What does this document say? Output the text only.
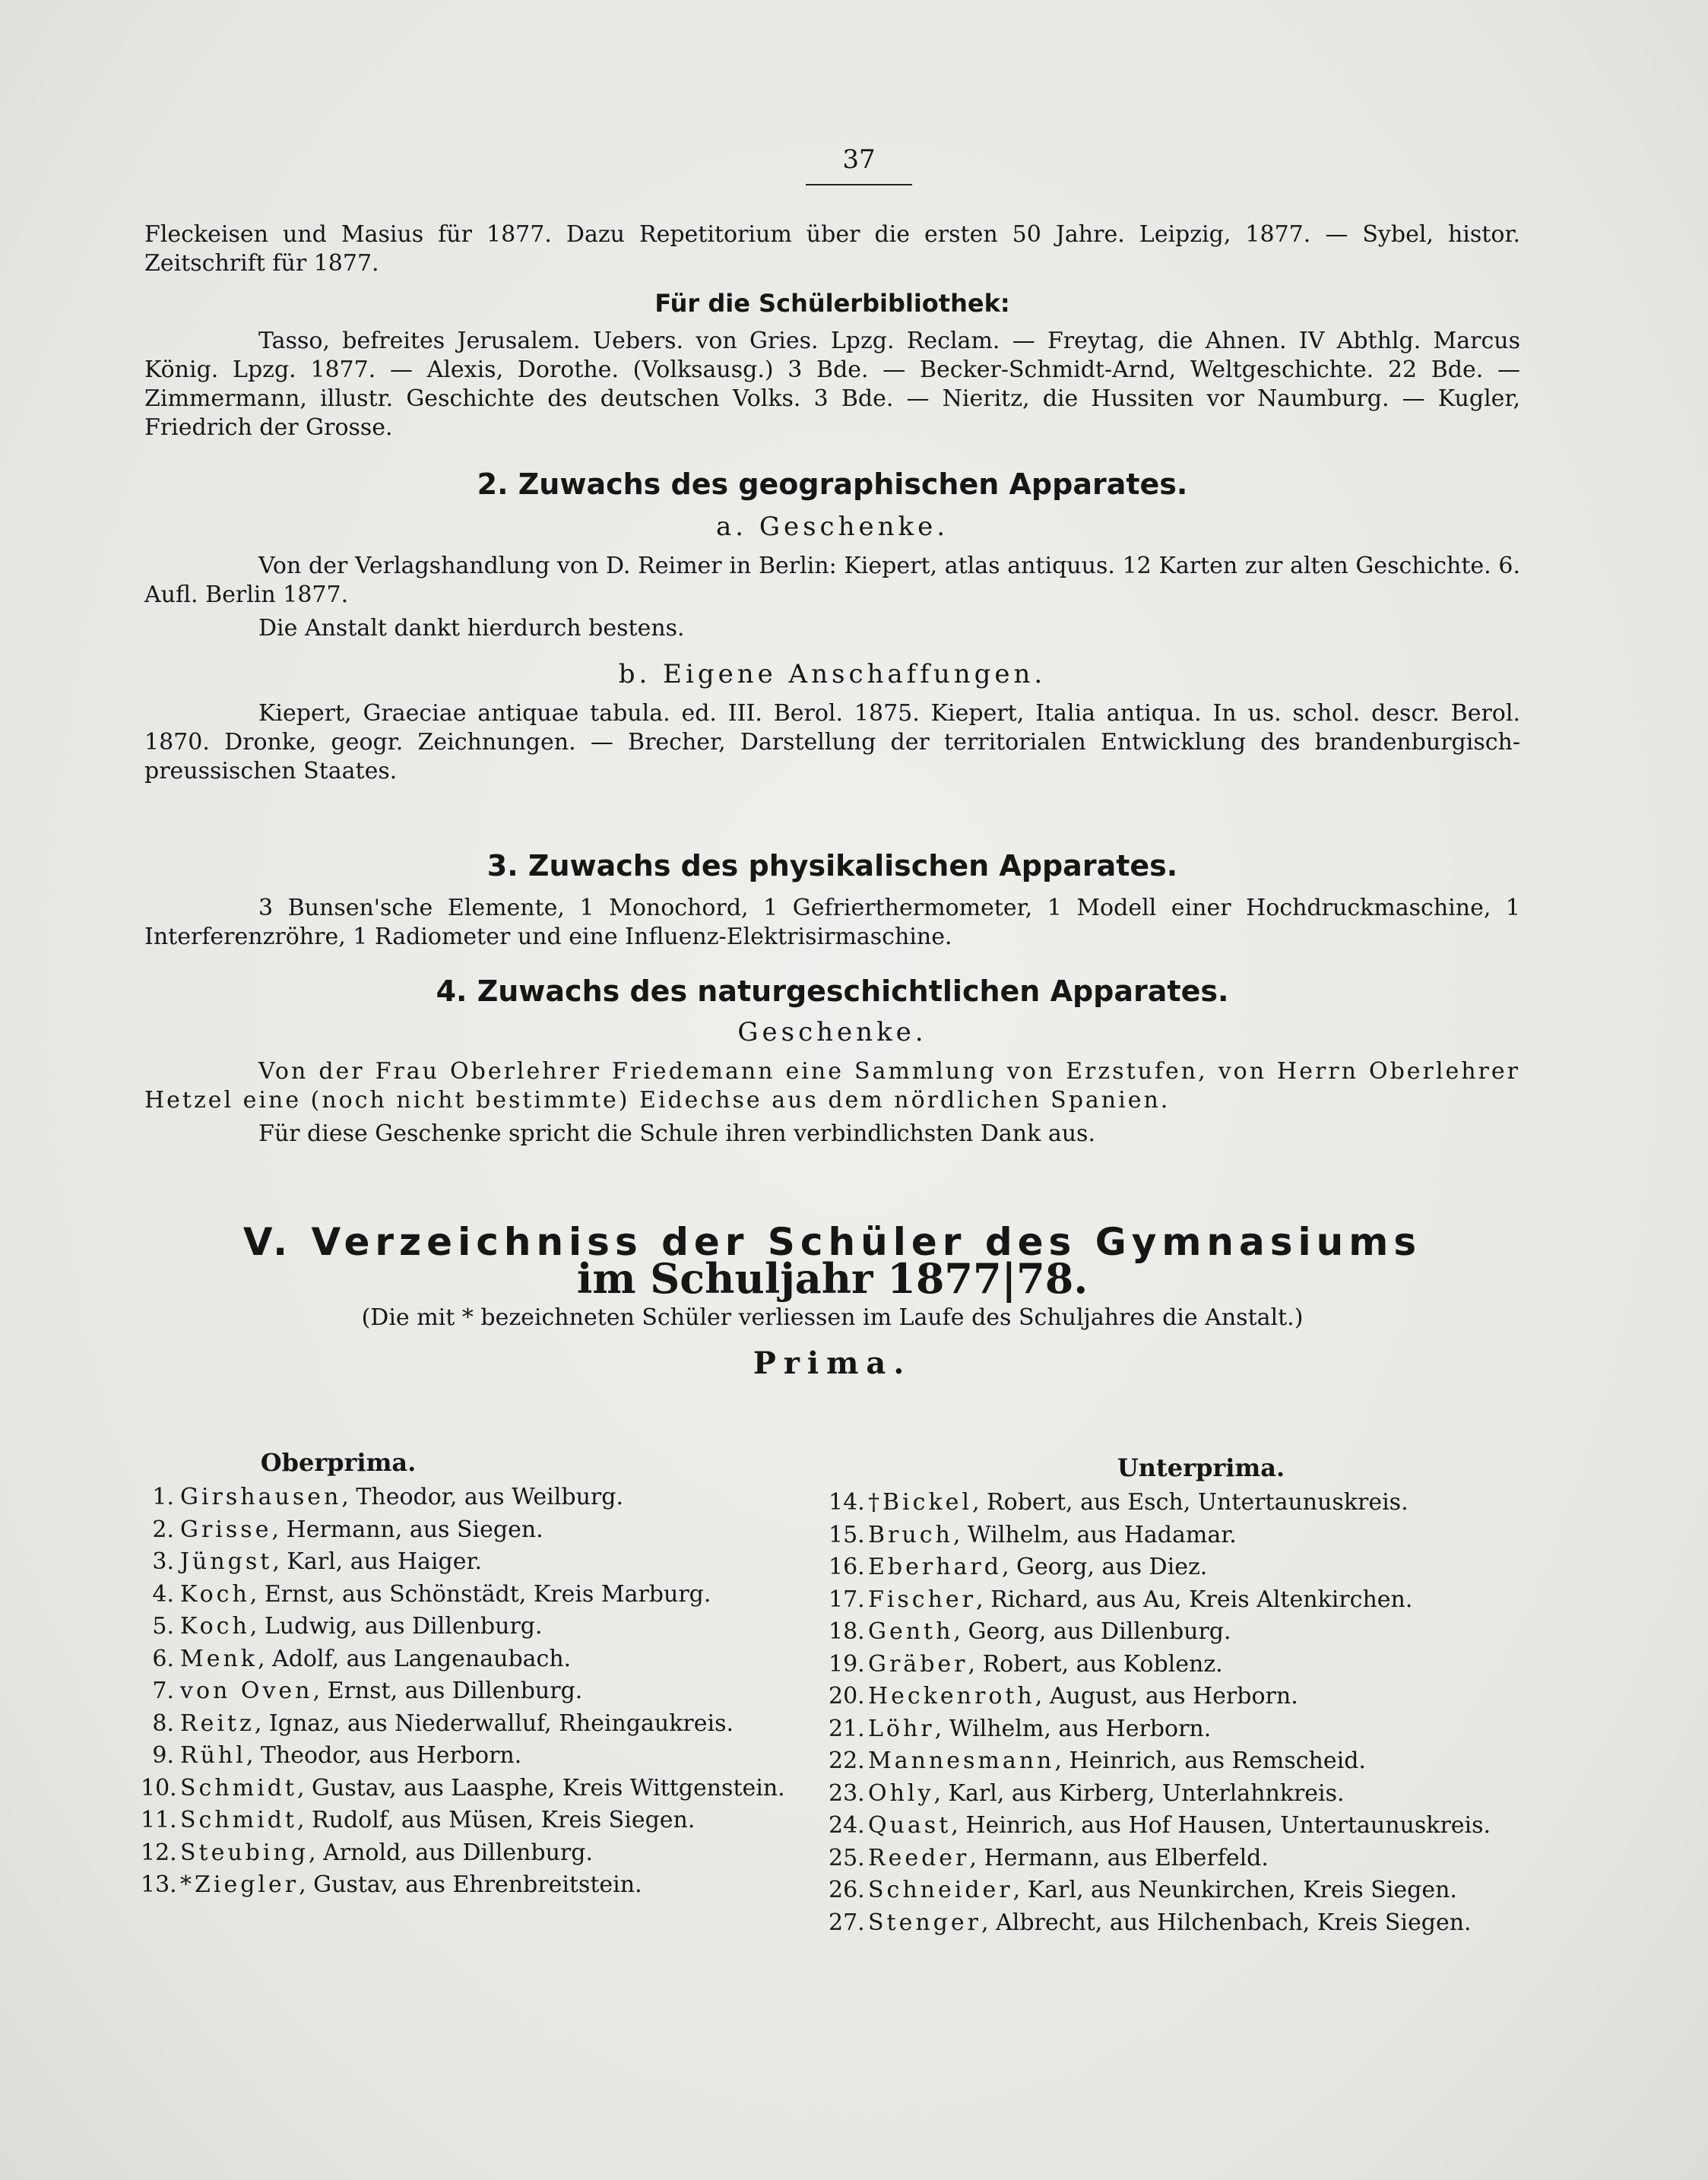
37

Fleckeisen und Masius für 1877. Dazu Repetitorium über die ersten 50 Jahre. Leipzig, 1877. — Sybel, histor. Zeitschrift für 1877.

Für die Schülerbibliothek:

Tasso, befreites Jerusalem. Uebers. von Gries. Lpzg. Reclam. — Freytag, die Ahnen. IV Abthlg. Marcus König. Lpzg. 1877. — Alexis, Dorothe. (Volksausg.) 3 Bde. — Becker-Schmidt-Arnd, Weltgeschichte. 22 Bde. — Zimmermann, illustr. Geschichte des deutschen Volks. 3 Bde. — Nieritz, die Hussiten vor Naumburg. — Kugler, Friedrich der Grosse.

2. Zuwachs des geographischen Apparates.

a. Geschenke.

Von der Verlagshandlung von D. Reimer in Berlin: Kiepert, atlas antiquus. 12 Karten zur alten Geschichte. 6. Aufl. Berlin 1877.

Die Anstalt dankt hierdurch bestens.

b. Eigene Anschaffungen.

Kiepert, Graeciae antiquae tabula. ed. III. Berol. 1875. Kiepert, Italia antiqua. In us. schol. descr. Berol. 1870. Dronke, geogr. Zeichnungen. — Brecher, Darstellung der territorialen Entwicklung des brandenburgisch-preussischen Staates.

3. Zuwachs des physikalischen Apparates.

3 Bunsen'sche Elemente, 1 Monochord, 1 Gefrierthermometer, 1 Modell einer Hochdruckmaschine, 1 Interferenzröhre, 1 Radiometer und eine Influenz-Elektrisirmaschine.

4. Zuwachs des naturgeschichtlichen Apparates.

Geschenke.

Von der Frau Oberlehrer Friedemann eine Sammlung von Erzstufen, von Herrn Oberlehrer Hetzel eine (noch nicht bestimmte) Eidechse aus dem nördlichen Spanien.

Für diese Geschenke spricht die Schule ihren verbindlichsten Dank aus.

V. Verzeichniss der Schüler des Gymnasiums

im Schuljahr 1877|78.

(Die mit * bezeichneten Schüler verliessen im Laufe des Schuljahres die Anstalt.)

Prima.

Oberprima.
1. Girshausen, Theodor, aus Weilburg.
2. Grisse, Hermann, aus Siegen.
3. Jüngst, Karl, aus Haiger.
4. Koch, Ernst, aus Schönstädt, Kreis Marburg.
5. Koch, Ludwig, aus Dillenburg.
6. Menk, Adolf, aus Langenaubach.
7. von Oven, Ernst, aus Dillenburg.
8. Reitz, Ignaz, aus Niederwalluf, Rheingaukreis.
9. Rühl, Theodor, aus Herborn.
10. Schmidt, Gustav, aus Laasphe, Kreis Wittgenstein.
11. Schmidt, Rudolf, aus Müsen, Kreis Siegen.
12. Steubing, Arnold, aus Dillenburg.
13. *Ziegler, Gustav, aus Ehrenbreitstein.
Unterprima.
14. †Bickel, Robert, aus Esch, Untertaunuskreis.
15. Bruch, Wilhelm, aus Hadamar.
16. Eberhard, Georg, aus Diez.
17. Fischer, Richard, aus Au, Kreis Altenkirchen.
18. Genth, Georg, aus Dillenburg.
19. Gräber, Robert, aus Koblenz.
20. Heckenroth, August, aus Herborn.
21. Löhr, Wilhelm, aus Herborn.
22. Mannesmann, Heinrich, aus Remscheid.
23. Ohly, Karl, aus Kirberg, Unterlahnkreis.
24. Quast, Heinrich, aus Hof Hausen, Untertaunuskreis.
25. Reeder, Hermann, aus Elberfeld.
26. Schneider, Karl, aus Neunkirchen, Kreis Siegen.
27. Stenger, Albrecht, aus Hilchenbach, Kreis Siegen.
